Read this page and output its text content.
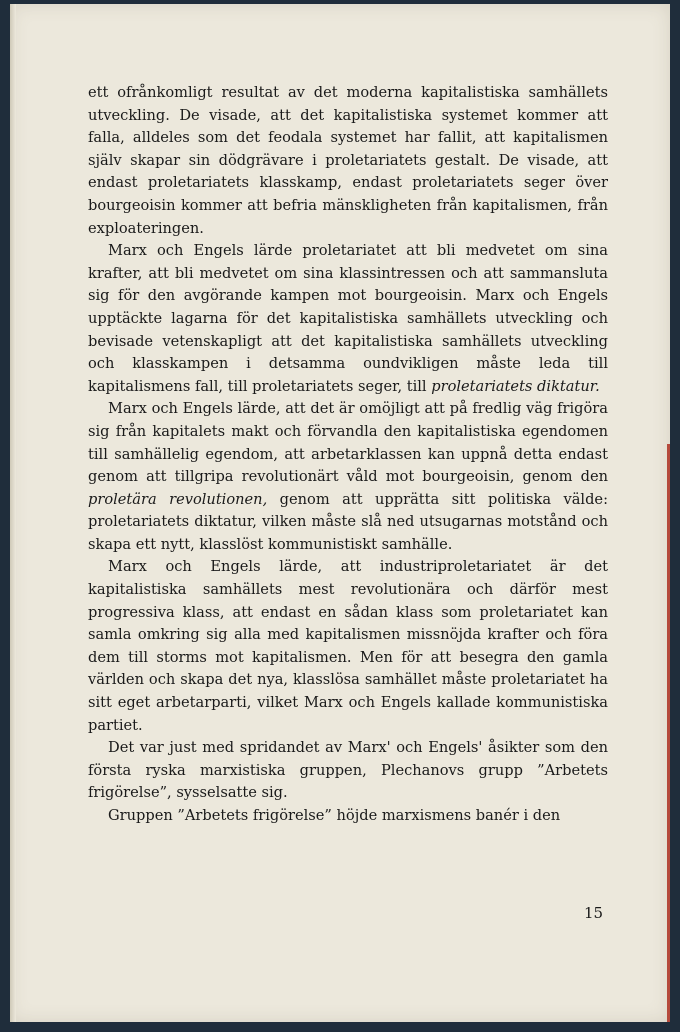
ett ofrånkomligt resultat av det moderna kapitalistiska samhällets utveckling. De visade, att det kapitalistiska systemet kommer att falla, alldeles som det feodala systemet har fallit, att kapitalismen själv skapar sin dödgrävare i proletariatets gestalt. De visade, att endast proletariatets klasskamp, endast proletariatets seger över bourgeoisin kommer att befria mänskligheten från kapitalismen, från exploateringen.

Marx och Engels lärde proletariatet att bli medvetet om sina krafter, att bli medvetet om sina klassintressen och att sammansluta sig för den avgörande kampen mot bourgeoisin. Marx och Engels upptäckte lagarna för det kapitalistiska samhällets utveckling och bevisade vetenskapligt att det kapitalistiska samhällets utveckling och klasskampen i detsamma oundvikligen måste leda till kapitalismens fall, till proletariatets seger, till proletariatets diktatur.

Marx och Engels lärde, att det är omöjligt att på fredlig väg frigöra sig från kapitalets makt och förvandla den kapitalistiska egendomen till samhällelig egendom, att arbetarklassen kan uppnå detta endast genom att tillgripa revolutionärt våld mot bourgeoisin, genom den proletära revolutionen, genom att upprätta sitt politiska välde: proletariatets diktatur, vilken måste slå ned utsugarnas motstånd och skapa ett nytt, klasslöst kommunistiskt samhälle.

Marx och Engels lärde, att industriproletariatet är det kapitalistiska samhällets mest revolutionära och därför mest progressiva klass, att endast en sådan klass som proletariatet kan samla omkring sig alla med kapitalismen missnöjda krafter och föra dem till storms mot kapitalismen. Men för att besegra den gamla världen och skapa det nya, klasslösa samhället måste proletariatet ha sitt eget arbetarparti, vilket Marx och Engels kallade kommunistiska partiet.

Det var just med spridandet av Marx' och Engels' åsikter som den första ryska marxistiska gruppen, Plechanovs grupp ”Arbetets frigörelse”, sysselsatte sig.

Gruppen ”Arbetets frigörelse” höjde marxismens banér i den

15
